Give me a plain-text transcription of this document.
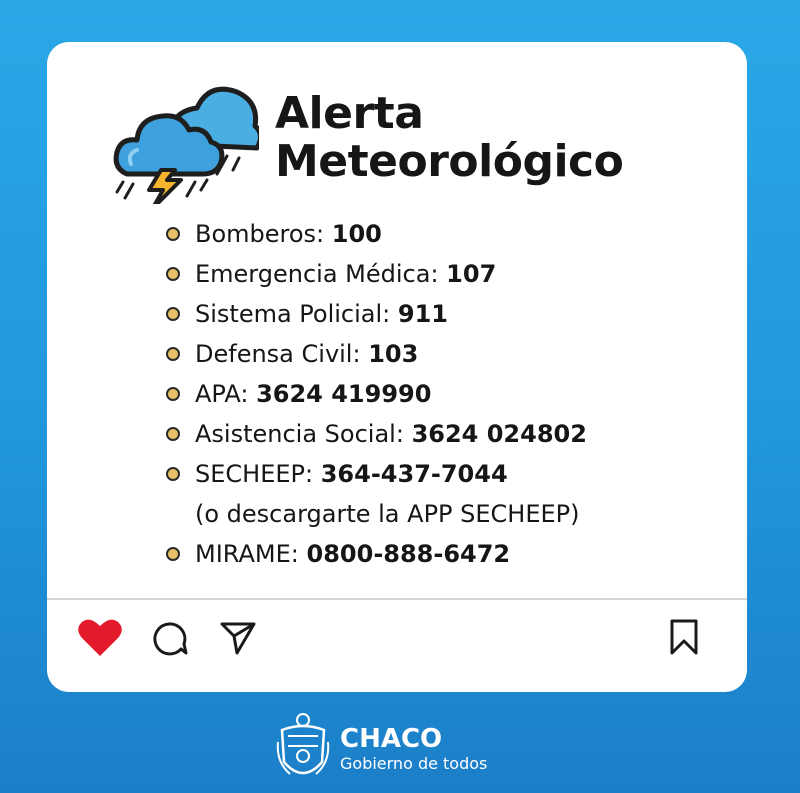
Alerta
Meteorológico
Bomberos: 100
Emergencia Médica: 107
Sistema Policial: 911
Defensa Civil: 103
APA: 3624 419990
Asistencia Social: 3624 024802
SECHEEP: 364-437-7044
(o descargarte la APP SECHEEP)
MIRAME: 0800-888-6472
CHACO
Gobierno de todos
